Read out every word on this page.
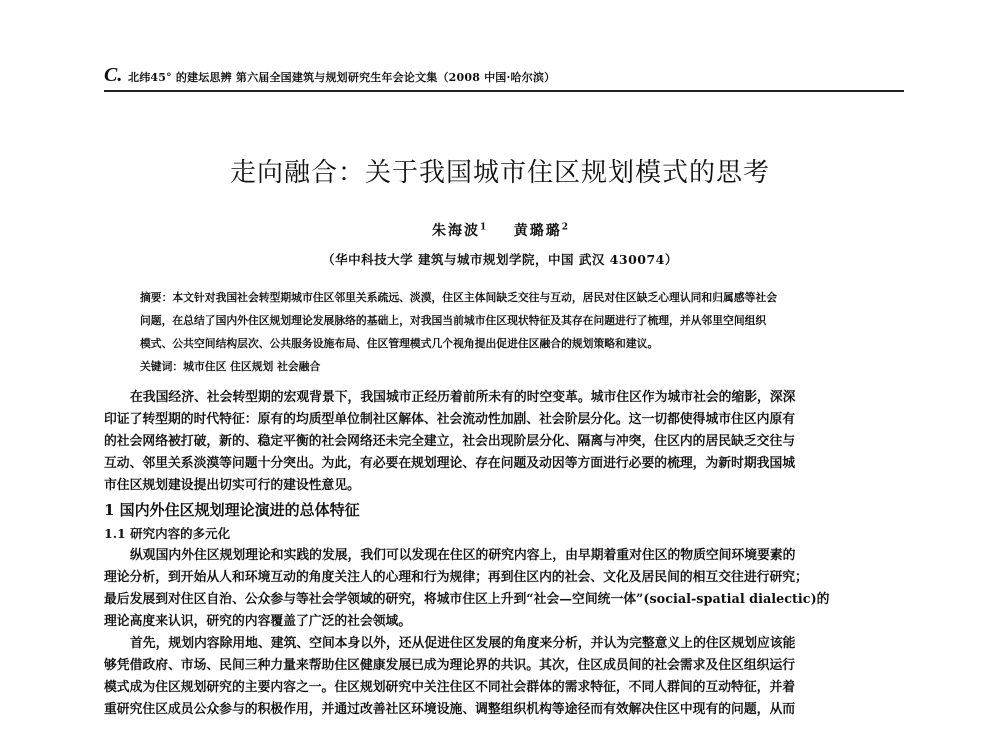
C. 北纬45° 的建坛思辨 第六届全国建筑与规划研究生年会论文集（2008 中国·哈尔滨）
走向融合：关于我国城市住区规划模式的思考
朱海波$^1$ 黄璐璐$^2$
（华中科技大学 建筑与城市规划学院，中国 武汉 430074）
摘要：本文针对我国社会转型期城市住区邻里关系疏远、淡漠，住区主体间缺乏交往与互动，居民对住区缺乏心理认同和归属感等社会
问题，在总结了国内外住区规划理论发展脉络的基础上，对我国当前城市住区现状特征及其存在问题进行了梳理，并从邻里空间组织
模式、公共空间结构层次、公共服务设施布局、住区管理模式几个视角提出促进住区融合的规划策略和建议。
关键词：城市住区 住区规划 社会融合
在我国经济、社会转型期的宏观背景下，我国城市正经历着前所未有的时空变革。城市住区作为城市社会的缩影，深深
印证了转型期的时代特征：原有的均质型单位制社区解体、社会流动性加剧、社会阶层分化。这一切都使得城市住区内原有
的社会网络被打破，新的、稳定平衡的社会网络还未完全建立，社会出现阶层分化、隔离与冲突，住区内的居民缺乏交往与
互动、邻里关系淡漠等问题十分突出。为此，有必要在规划理论、存在问题及动因等方面进行必要的梳理，为新时期我国城
市住区规划建设提出切实可行的建设性意见。
1 国内外住区规划理论演进的总体特征
1.1 研究内容的多元化
纵观国内外住区规划理论和实践的发展，我们可以发现在住区的研究内容上，由早期着重对住区的物质空间环境要素的
理论分析，到开始从人和环境互动的角度关注人的心理和行为规律；再到住区内的社会、文化及居民间的相互交往进行研究；
最后发展到对住区自治、公众参与等社会学领域的研究，将城市住区上升到“社会—空间统一体”(social-spatial dialectic)的
理论高度来认识，研究的内容覆盖了广泛的社会领域。
首先，规划内容除用地、建筑、空间本身以外，还从促进住区发展的角度来分析，并认为完整意义上的住区规划应该能
够凭借政府、市场、民间三种力量来帮助住区健康发展已成为理论界的共识。其次，住区成员间的社会需求及住区组织运行
模式成为住区规划研究的主要内容之一。住区规划研究中关注住区不同社会群体的需求特征，不同人群间的互动特征，并着
重研究住区成员公众参与的积极作用，并通过改善社区环境设施、调整组织机构等途径而有效解决住区中现有的问题，从而
